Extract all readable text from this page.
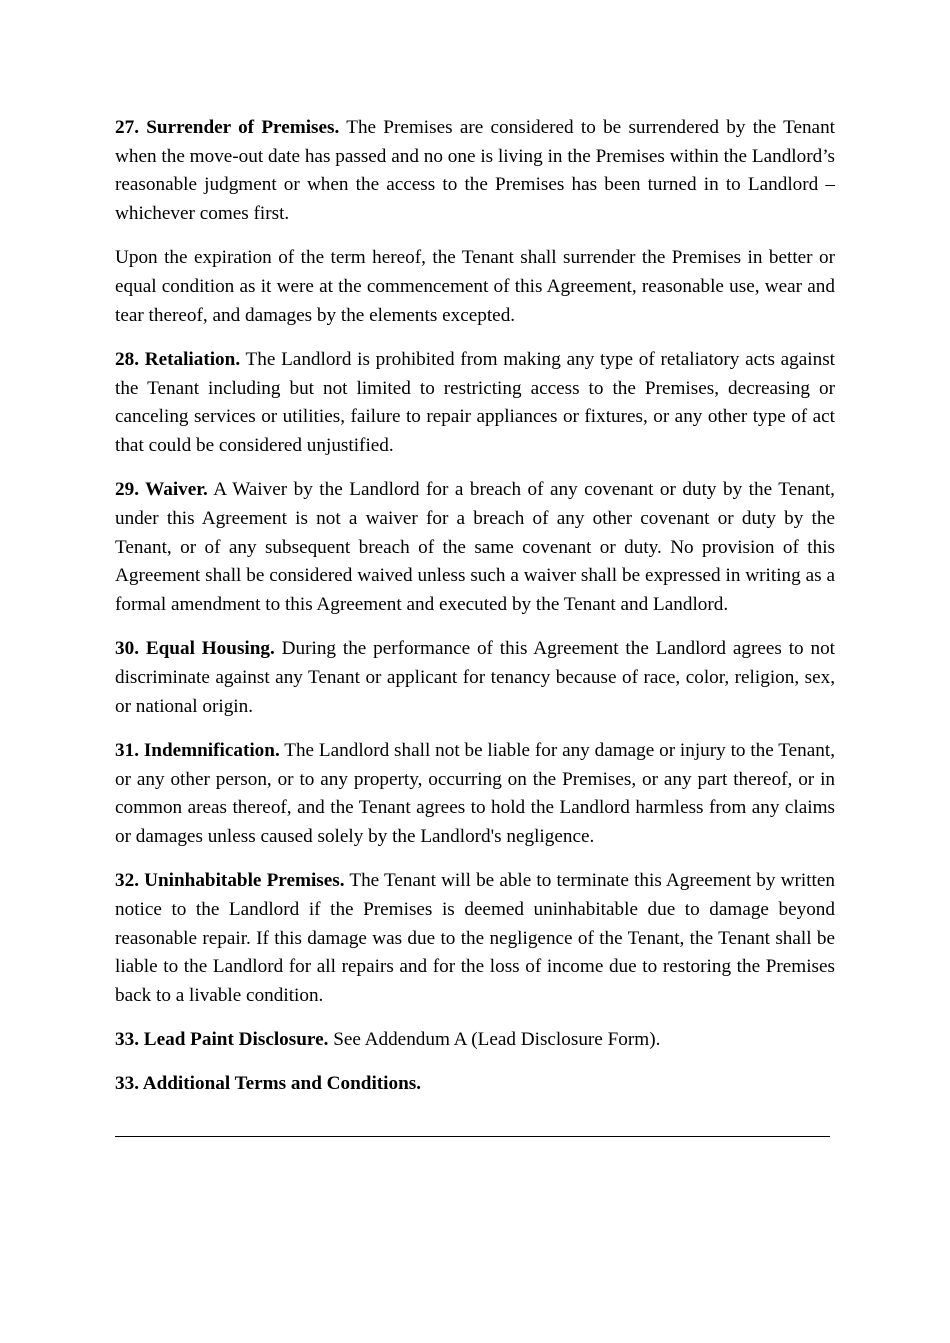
27. Surrender of Premises. The Premises are considered to be surrendered by the Tenant when the move-out date has passed and no one is living in the Premises within the Landlord’s reasonable judgment or when the access to the Premises has been turned in to Landlord – whichever comes first.

Upon the expiration of the term hereof, the Tenant shall surrender the Premises in better or equal condition as it were at the commencement of this Agreement, reasonable use, wear and tear thereof, and damages by the elements excepted.

28. Retaliation. The Landlord is prohibited from making any type of retaliatory acts against the Tenant including but not limited to restricting access to the Premises, decreasing or canceling services or utilities, failure to repair appliances or fixtures, or any other type of act that could be considered unjustified.

29. Waiver. A Waiver by the Landlord for a breach of any covenant or duty by the Tenant, under this Agreement is not a waiver for a breach of any other covenant or duty by the Tenant, or of any subsequent breach of the same covenant or duty. No provision of this Agreement shall be considered waived unless such a waiver shall be expressed in writing as a formal amendment to this Agreement and executed by the Tenant and Landlord.

30. Equal Housing. During the performance of this Agreement the Landlord agrees to not discriminate against any Tenant or applicant for tenancy because of race, color, religion, sex, or national origin.

31. Indemnification. The Landlord shall not be liable for any damage or injury to the Tenant, or any other person, or to any property, occurring on the Premises, or any part thereof, or in common areas thereof, and the Tenant agrees to hold the Landlord harmless from any claims or damages unless caused solely by the Landlord's negligence.

32. Uninhabitable Premises. The Tenant will be able to terminate this Agreement by written notice to the Landlord if the Premises is deemed uninhabitable due to damage beyond reasonable repair. If this damage was due to the negligence of the Tenant, the Tenant shall be liable to the Landlord for all repairs and for the loss of income due to restoring the Premises back to a livable condition.

33. Lead Paint Disclosure. See Addendum A (Lead Disclosure Form).

33. Additional Terms and Conditions.
